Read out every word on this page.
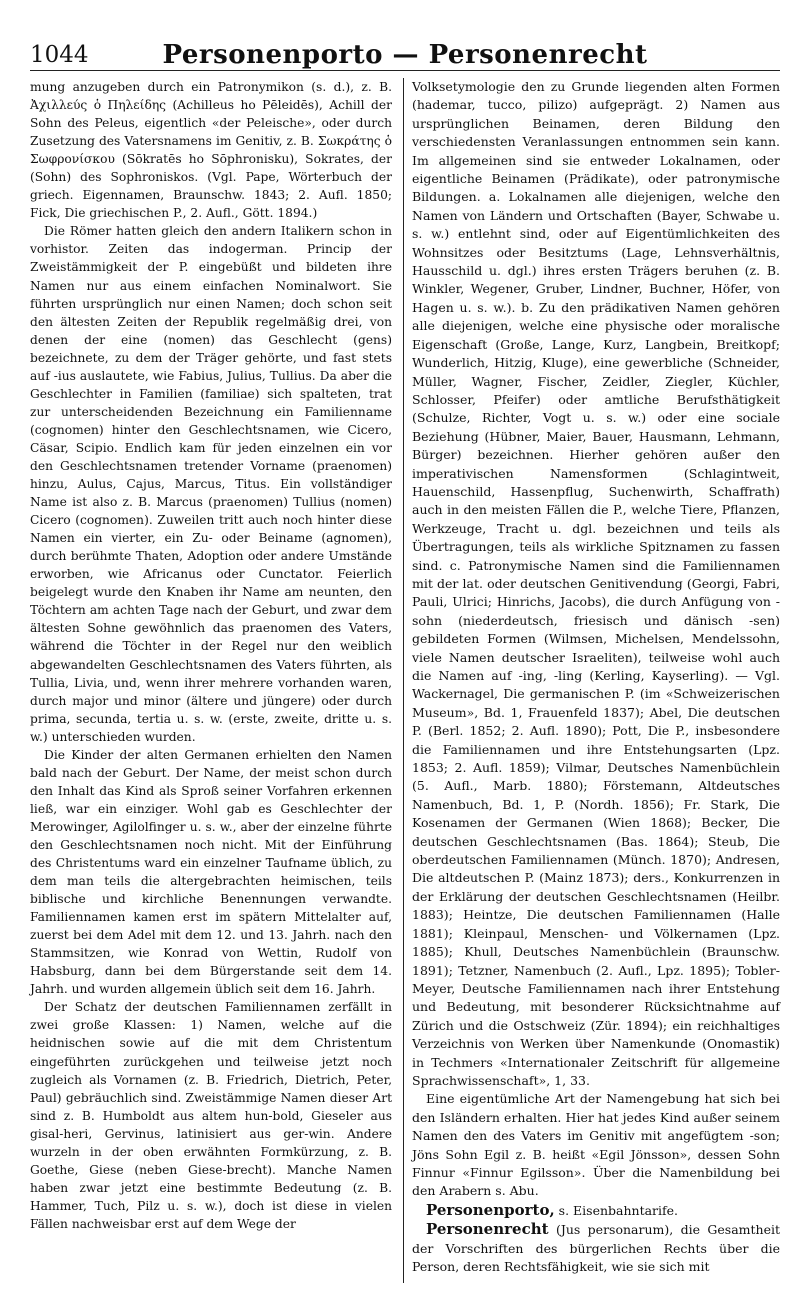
1044	Personenporto — Personenrecht

mung anzugeben durch ein Patronymikon (s. d.), z. B. Ἀχιλλεύς ὁ Πηλείδης (Achilleus ho Pēleidēs), Achill der Sohn des Peleus, eigentlich «der Peleische», oder durch Zusetzung des Vatersnamens im Genitiv, z. B. Σωκράτης ὁ Σωφρονίσκου (Sōkratēs ho Sōphronisku), Sokrates, der (Sohn) des Sophroniskos. (Vgl. Pape, Wörterbuch der griech. Eigennamen, Braunschw. 1843; 2. Aufl. 1850; Fick, Die griechischen P., 2. Aufl., Gött. 1894.)

Die Römer hatten gleich den andern Italikern schon in vorhistor. Zeiten das indogerman. Princip der Zweistämmigkeit der P. eingebüßt und bildeten ihre Namen nur aus einem einfachen Nominalwort. Sie führten ursprünglich nur einen Namen; doch schon seit den ältesten Zeiten der Republik regelmäßig drei, von denen der eine (nomen) das Geschlecht (gens) bezeichnete, zu dem der Träger gehörte, und fast stets auf -ius auslautete, wie Fabius, Julius, Tullius. Da aber die Geschlechter in Familien (familiae) sich spalteten, trat zur unterscheidenden Bezeichnung ein Familienname (cognomen) hinter den Geschlechtsnamen, wie Cicero, Cäsar, Scipio. Endlich kam für jeden einzelnen ein vor den Geschlechtsnamen tretender Vorname (praenomen) hinzu, Aulus, Cajus, Marcus, Titus. Ein vollständiger Name ist also z. B. Marcus (praenomen) Tullius (nomen) Cicero (cognomen). Zuweilen tritt auch noch hinter diese Namen ein vierter, ein Zu- oder Beiname (agnomen), durch berühmte Thaten, Adoption oder andere Umstände erworben, wie Africanus oder Cunctator. Feierlich beigelegt wurde den Knaben ihr Name am neunten, den Töchtern am achten Tage nach der Geburt, und zwar dem ältesten Sohne gewöhnlich das praenomen des Vaters, während die Töchter in der Regel nur den weiblich abgewandelten Geschlechtsnamen des Vaters führten, als Tullia, Livia, und, wenn ihrer mehrere vorhanden waren, durch major und minor (ältere und jüngere) oder durch prima, secunda, tertia u. s. w. (erste, zweite, dritte u. s. w.) unterschieden wurden.

Die Kinder der alten Germanen erhielten den Namen bald nach der Geburt. Der Name, der meist schon durch den Inhalt das Kind als Sproß seiner Vorfahren erkennen ließ, war ein einziger. Wohl gab es Geschlechter der Merowinger, Agilolfinger u. s. w., aber der einzelne führte den Geschlechtsnamen noch nicht. Mit der Einführung des Christentums ward ein einzelner Taufname üblich, zu dem man teils die altergebrachten heimischen, teils biblische und kirchliche Benennungen verwandte. Familiennamen kamen erst im spätern Mittelalter auf, zuerst bei dem Adel mit dem 12. und 13. Jahrh. nach den Stammsitzen, wie Konrad von Wettin, Rudolf von Habsburg, dann bei dem Bürgerstande seit dem 14. Jahrh. und wurden allgemein üblich seit dem 16. Jahrh.

Der Schatz der deutschen Familiennamen zerfällt in zwei große Klassen: 1) Namen, welche auf die heidnischen sowie auf die mit dem Christentum eingeführten zurückgehen und teilweise jetzt noch zugleich als Vornamen (z. B. Friedrich, Dietrich, Peter, Paul) gebräuchlich sind. Zweistämmige Namen dieser Art sind z. B. Humboldt aus altem hun-bold, Gieseler aus gisal-heri, Gervinus, latinisiert aus ger-win. Andere wurzeln in der oben erwähnten Formkürzung, z. B. Goethe, Giese (neben Giese-brecht). Manche Namen haben zwar jetzt eine bestimmte Bedeutung (z. B. Hammer, Tuch, Pilz u. s. w.), doch ist diese in vielen Fällen nachweisbar erst auf dem Wege der

Volksetymologie den zu Grunde liegenden alten Formen (hademar, tucco, pilizo) aufgeprägt. 2) Namen aus ursprünglichen Beinamen, deren Bildung den verschiedensten Veranlassungen entnommen sein kann. Im allgemeinen sind sie entweder Lokalnamen, oder eigentliche Beinamen (Prädikate), oder patronymische Bildungen. a. Lokalnamen alle diejenigen, welche den Namen von Ländern und Ortschaften (Bayer, Schwabe u. s. w.) entlehnt sind, oder auf Eigentümlichkeiten des Wohnsitzes oder Besitztums (Lage, Lehnsverhältnis, Hausschild u. dgl.) ihres ersten Trägers beruhen (z. B. Winkler, Wegener, Gruber, Lindner, Buchner, Höfer, von Hagen u. s. w.). b. Zu den prädikativen Namen gehören alle diejenigen, welche eine physische oder moralische Eigenschaft (Große, Lange, Kurz, Langbein, Breitkopf; Wunderlich, Hitzig, Kluge), eine gewerbliche (Schneider, Müller, Wagner, Fischer, Zeidler, Ziegler, Küchler, Schlosser, Pfeifer) oder amtliche Berufsthätigkeit (Schulze, Richter, Vogt u. s. w.) oder eine sociale Beziehung (Hübner, Maier, Bauer, Hausmann, Lehmann, Bürger) bezeichnen. Hierher gehören außer den imperativischen Namensformen (Schlagintweit, Hauenschild, Hassenpflug, Suchenwirth, Schaffrath) auch in den meisten Fällen die P., welche Tiere, Pflanzen, Werkzeuge, Tracht u. dgl. bezeichnen und teils als Übertragungen, teils als wirkliche Spitznamen zu fassen sind. c. Patronymische Namen sind die Familiennamen mit der lat. oder deutschen Genitivendung (Georgi, Fabri, Pauli, Ulrici; Hinrichs, Jacobs), die durch Anfügung von -sohn (niederdeutsch, friesisch und dänisch -sen) gebildeten Formen (Wilmsen, Michelsen, Mendelssohn, viele Namen deutscher Israeliten), teilweise wohl auch die Namen auf -ing, -ling (Kerling, Kayserling). — Vgl. Wackernagel, Die germanischen P. (im «Schweizerischen Museum», Bd. 1, Frauenfeld 1837); Abel, Die deutschen P. (Berl. 1852; 2. Aufl. 1890); Pott, Die P., insbesondere die Familiennamen und ihre Entstehungsarten (Lpz. 1853; 2. Aufl. 1859); Vilmar, Deutsches Namenbüchlein (5. Aufl., Marb. 1880); Förstemann, Altdeutsches Namenbuch, Bd. 1, P. (Nordh. 1856); Fr. Stark, Die Kosenamen der Germanen (Wien 1868); Becker, Die deutschen Geschlechtsnamen (Bas. 1864); Steub, Die oberdeutschen Familiennamen (Münch. 1870); Andresen, Die altdeutschen P. (Mainz 1873); ders., Konkurrenzen in der Erklärung der deutschen Geschlechtsnamen (Heilbr. 1883); Heintze, Die deutschen Familiennamen (Halle 1881); Kleinpaul, Menschen- und Völkernamen (Lpz. 1885); Khull, Deutsches Namenbüchlein (Braunschw. 1891); Tetzner, Namenbuch (2. Aufl., Lpz. 1895); Tobler-Meyer, Deutsche Familiennamen nach ihrer Entstehung und Bedeutung, mit besonderer Rücksichtnahme auf Zürich und die Ostschweiz (Zür. 1894); ein reichhaltiges Verzeichnis von Werken über Namenkunde (Onomastik) in Techmers «Internationaler Zeitschrift für allgemeine Sprachwissenschaft», 1, 33.

Eine eigentümliche Art der Namengebung hat sich bei den Isländern erhalten. Hier hat jedes Kind außer seinem Namen den des Vaters im Genitiv mit angefügtem -son; Jöns Sohn Egil z. B. heißt «Egil Jönsson», dessen Sohn Finnur «Finnur Egilsson». Über die Namenbildung bei den Arabern s. Abu.

Personenporto, s. Eisenbahntarife.

Personenrecht (Jus personarum), die Gesamtheit der Vorschriften des bürgerlichen Rechts über die Person, deren Rechtsfähigkeit, wie sie sich mit
